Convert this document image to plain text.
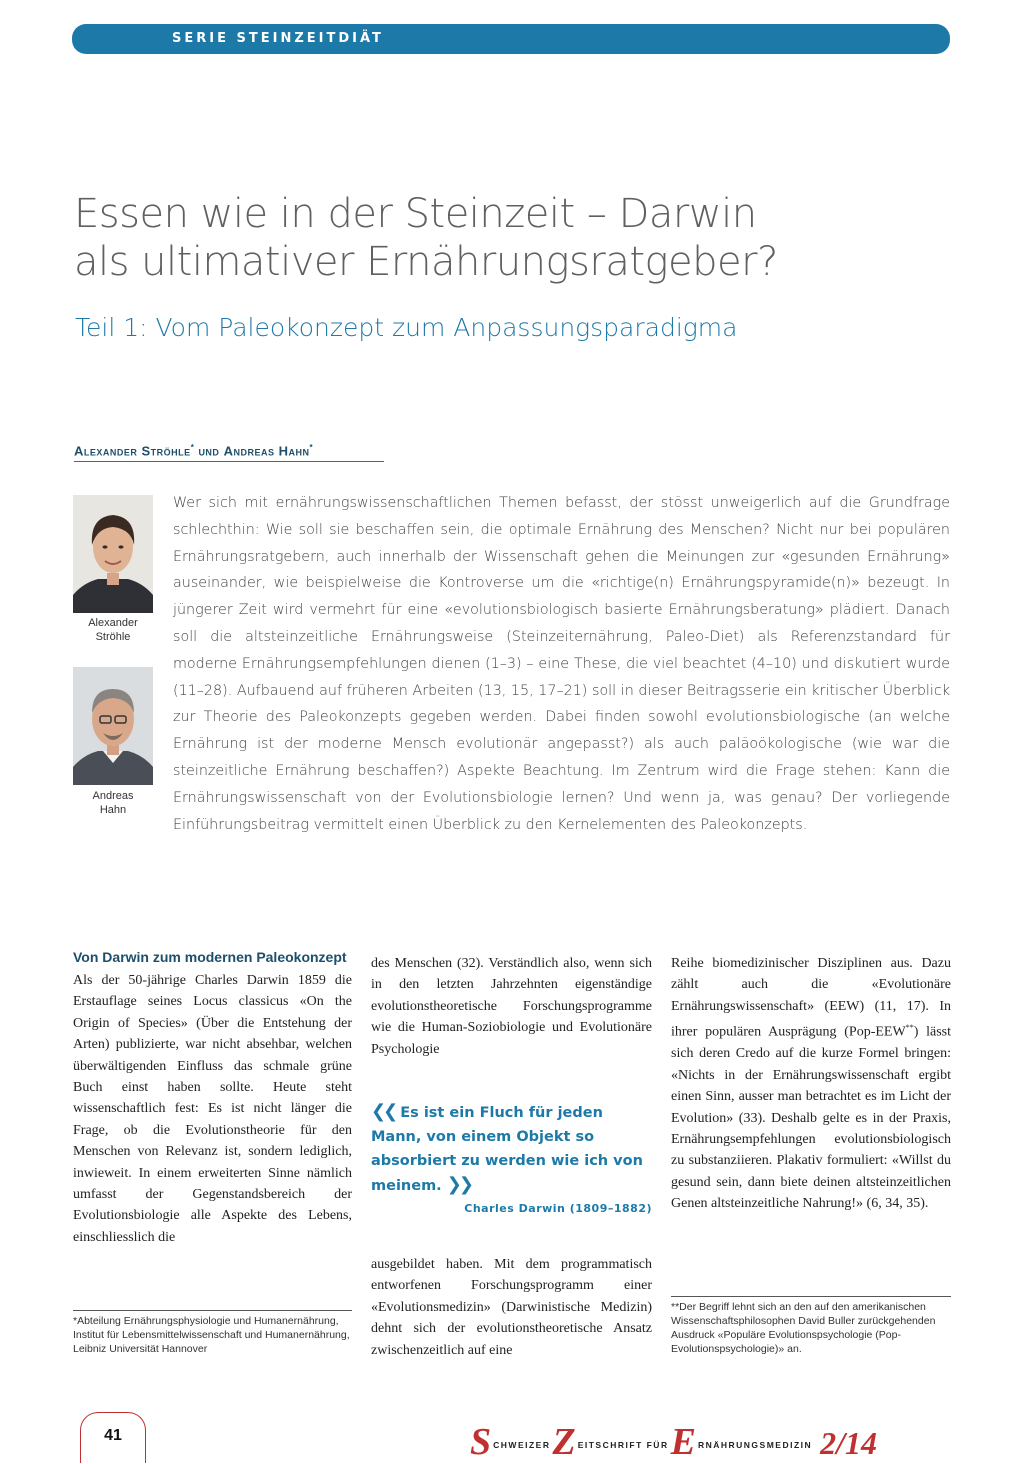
SERIE STEINZEITDIÄT
Essen wie in der Steinzeit – Darwin
als ultimativer Ernährungsratgeber?
Teil 1: Vom Paleokonzept zum Anpassungsparadigma
Alexander Ströhle* und Andreas Hahn*
Alexander
Ströhle
Andreas
Hahn
Wer sich mit ernährungswissenschaftlichen Themen befasst, der stösst unweigerlich auf die Grundfrage schlechthin: Wie soll sie beschaffen sein, die optimale Ernährung des Menschen? Nicht nur bei populären Ernährungsratgebern, auch innerhalb der Wissenschaft gehen die Meinungen zur «gesunden Ernährung» auseinander, wie beispielweise die Kontroverse um die «richtige(n) Ernährungspyramide(n)» bezeugt. In jüngerer Zeit wird vermehrt für eine «evolutionsbiologisch basierte Ernährungsberatung» plädiert. Danach soll die altsteinzeitliche Ernährungsweise (Steinzeiternährung, Paleo-Diet) als Referenzstandard für moderne Ernährungsempfehlungen dienen (1–3) – eine These, die viel beachtet (4–10) und diskutiert wurde (11–28). Aufbauend auf früheren Arbeiten (13, 15, 17–21) soll in dieser Beitragsserie ein kritischer Überblick zur Theorie des Paleokonzepts gegeben werden. Dabei finden sowohl evolutionsbiologische (an welche Ernährung ist der moderne Mensch evolutionär angepasst?) als auch paläoökologische (wie war die steinzeitliche Ernährung beschaffen?) Aspekte Beachtung. Im Zentrum wird die Frage stehen: Kann die Ernährungswissenschaft von der Evolutionsbiologie lernen? Und wenn ja, was genau? Der vorliegende Einführungsbeitrag vermittelt einen Überblick zu den Kernelementen des Paleokonzepts.
Von Darwin zum modernen Paleokonzept
Als der 50-jährige Charles Darwin 1859 die Erstauflage seines Locus classicus «On the Origin of Species» (Über die Entstehung der Arten) publizierte, war nicht absehbar, welchen überwältigenden Einfluss das schmale grüne Buch einst haben sollte. Heute steht wissenschaftlich fest: Es ist nicht länger die Frage, ob die Evolutionstheorie für den Menschen von Relevanz ist, sondern lediglich, inwieweit. In einem erweiterten Sinne nämlich umfasst der Gegenstandsbereich der Evolutionsbiologie alle Aspekte des Lebens, einschliesslich die
des Menschen (32). Verständlich also, wenn sich in den letzten Jahrzehnten eigenständige evolutionstheoretische Forschungsprogramme wie die Human-Soziobiologie und Evolutionäre Psychologie
❮❮ Es ist ein Fluch für jeden Mann, von einem Objekt so absorbiert zu werden wie ich von meinem. ❯❯
Charles Darwin (1809–1882)
ausgebildet haben. Mit dem programmatisch entworfenen Forschungsprogramm einer «Evolutionsmedizin» (Darwinistische Medizin) dehnt sich der evolutionstheoretische Ansatz zwischenzeitlich auf eine
Reihe biomedizinischer Disziplinen aus. Dazu zählt auch die «Evolutionäre Ernährungswissenschaft» (EEW) (11, 17). In ihrer populären Ausprägung (Pop-EEW**) lässt sich deren Credo auf die kurze Formel bringen: «Nichts in der Ernährungswissenschaft ergibt einen Sinn, ausser man betrachtet es im Licht der Evolution» (33). Deshalb gelte es in der Praxis, Ernährungsempfehlungen evolutionsbiologisch zu substanziieren. Plakativ formuliert: «Willst du gesund sein, dann biete deinen altsteinzeitlichen Genen altsteinzeitliche Nahrung!» (6, 34, 35).
*Abteilung Ernährungsphysiologie und Humanernährung, Institut für Lebensmittelwissenschaft und Humanernährung, Leibniz Universität Hannover
**Der Begriff lehnt sich an den auf den amerikanischen Wissenschaftsphilosophen David Buller zurückgehenden Ausdruck «Populäre Evolutionspsychologie (Pop-Evolutionspsychologie)» an.
41	S $^{CHWEIZER}$Z $^{EITSCHRIFT FÜR}$E $^{RNÄHRUNGSMEDIZIN}$ 2/14
